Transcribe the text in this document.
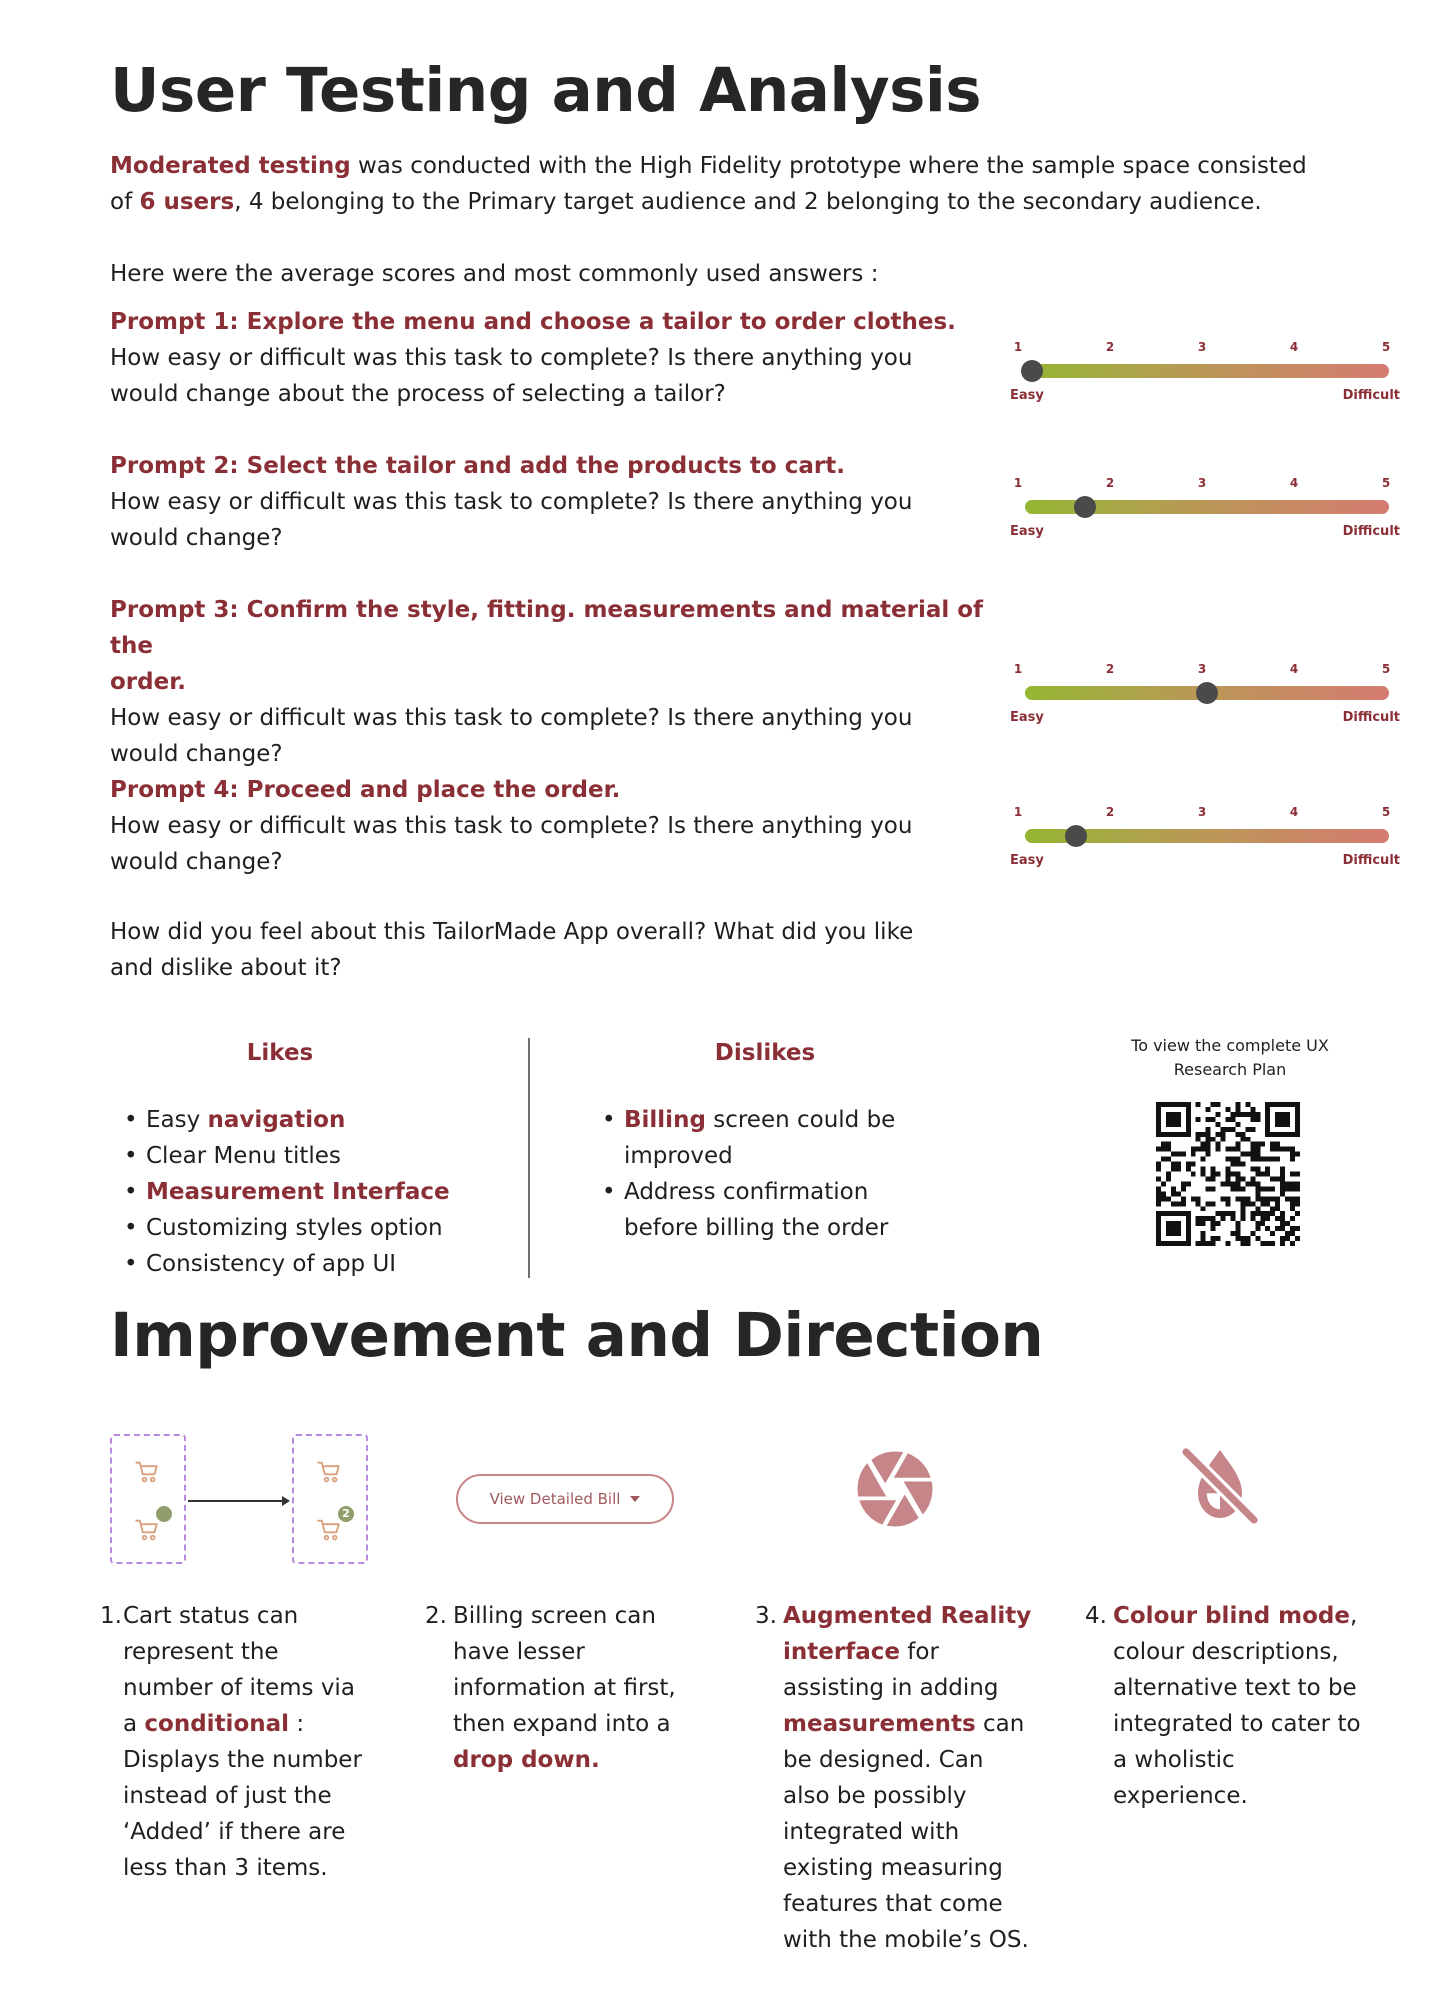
User Testing and Analysis
Moderated testing was conducted with the High Fidelity prototype where the sample space consisted
of 6 users, 4 belonging to the Primary target audience and 2 belonging to the secondary audience.
Here were the average scores and most commonly used answers :
Prompt 1: Explore the menu and choose a tailor to order clothes.
How easy or difficult was this task to complete? Is there anything you
would change about the process of selecting a tailor?
1	2	3	4	5
Easy	Difficult
Prompt 2: Select the tailor and add the products to cart.
How easy or difficult was this task to complete? Is there anything you
would change?
1	2	3	4	5
Easy	Difficult
Prompt 3: Confirm the style, fitting. measurements and material of the
order.
How easy or difficult was this task to complete? Is there anything you
would change?
1	2	3	4	5
Easy	Difficult
Prompt 4: Proceed and place the order.
How easy or difficult was this task to complete? Is there anything you
would change?
1	2	3	4	5
Easy	Difficult
How did you feel about this TailorMade App overall? What did you like
and dislike about it?
Likes
• Easy navigation
• Clear Menu titles
• Measurement Interface
• Customizing styles option
• Consistency of app UI
Dislikes
• Billing screen could be
improved
• Address confirmation
before billing the order
To view the complete UX
Research Plan
Improvement and Direction
2
View Detailed Bill
1. Cart status can
represent the
number of items via
a conditional :
Displays the number
instead of just the
‘Added’ if there are
less than 3 items.
2. Billing screen can
have lesser
information at first,
then expand into a
drop down.
3. Augmented Reality
interface for
assisting in adding
measurements can
be designed. Can
also be possibly
integrated with
existing measuring
features that come
with the mobile’s OS.
4. Colour blind mode,
colour descriptions,
alternative text to be
integrated to cater to
a wholistic
experience.
